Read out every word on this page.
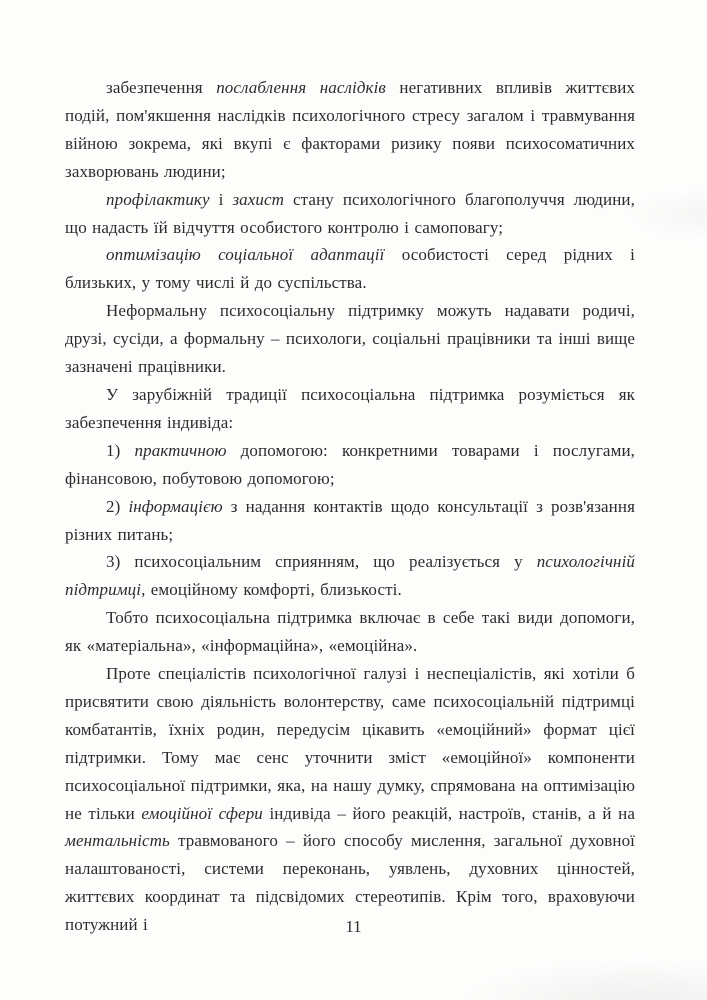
забезпечення послаблення наслідків негативних впливів життєвих подій, пом'якшення наслідків психологічного стресу загалом і травмування війною зокрема, які вкупі є факторами ризику появи психосоматичних захворювань людини;

профілактику і захист стану психологічного благополуччя людини, що надасть їй відчуття особистого контролю і самоповагу;

оптимізацію соціальної адаптації особистості серед рідних і близьких, у тому числі й до суспільства.

Неформальну психосоціальну підтримку можуть надавати родичі, друзі, сусіди, а формальну – психологи, соціальні працівники та інші вище зазначені працівники.

У зарубіжній традиції психосоціальна підтримка розуміється як забезпечення індивіда:

1) практичною допомогою: конкретними товарами і послугами, фінансовою, побутовою допомогою;

2) інформацією з надання контактів щодо консультації з розв'язання різних питань;

3) психосоціальним сприянням, що реалізується у психологічній підтримці, емоційному комфорті, близькості.

Тобто психосоціальна підтримка включає в себе такі види допомоги, як «матеріальна», «інформаційна», «емоційна».

Проте спеціалістів психологічної галузі і неспеціалістів, які хотіли б присвятити свою діяльність волонтерству, саме психосоціальній підтримці комбатантів, їхніх родин, передусім цікавить «емоційний» формат цієї підтримки. Тому має сенс уточнити зміст «емоційної» компоненти психосоціальної підтримки, яка, на нашу думку, спрямована на оптимізацію не тільки емоційної сфери індивіда – його реакцій, настроїв, станів, а й на ментальність травмованого – його способу мислення, загальної духовної налаштованості, системи переконань, уявлень, духовних цінностей, життєвих координат та підсвідомих стереотипів. Крім того, враховуючи потужний і	11
